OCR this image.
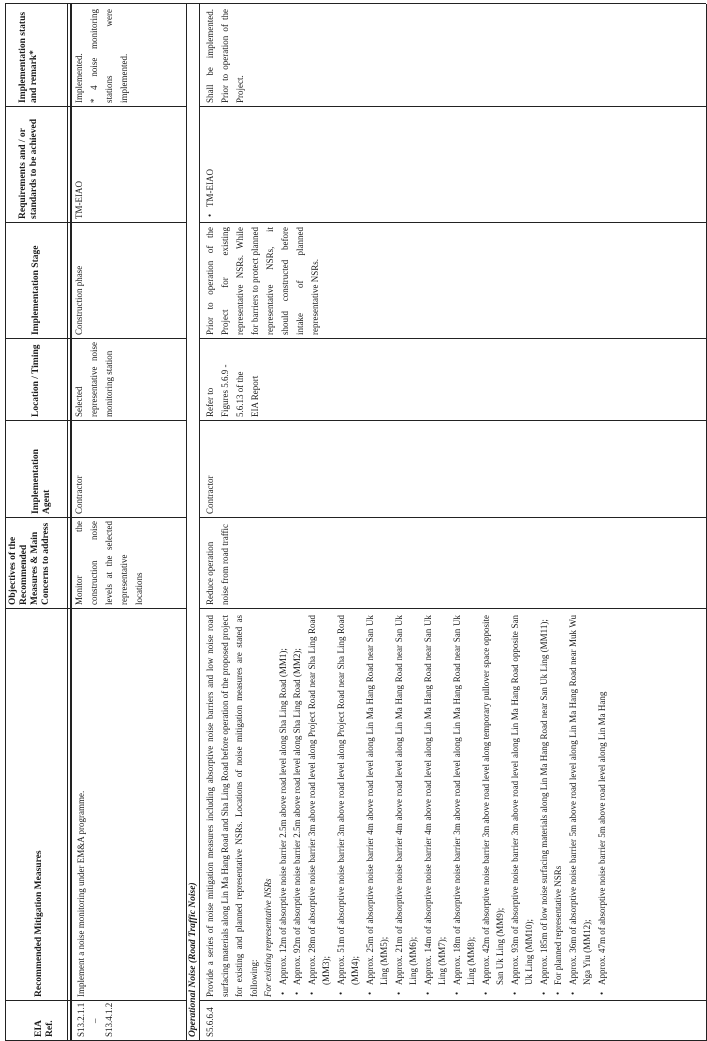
EIA Ref.
Recommended Mitigation Measures
Objectives of the Recommended Measures & Main Concerns to address
Implementation Agent
Location / Timing
Implementation Stage
Requirements and / or standards to be achieved
Implementation status and remark*
S13.2.1.1 – S13.4.1.2
Implement a noise monitoring under EM&A programme.
Monitor the construction noise levels at the selected representative locations
Contractor
Selected representative noise monitoring station
Construction phase
TM-EIAO
Implemented. * 4 noise monitoring stations were implemented.
Operational Noise (Road Traffic Noise) S5.6.6.4
Provide a series of noise mitigation measures including absorptive noise barriers and low noise road surfacing materials along Lin Ma Hang Road and Sha Ling Road before operation of the proposed project for existing and planned representative NSRs. Locations of noise mitigation measures are stated as following: For existing representative NSRs • Approx. 12m of absorptive noise barrier 2.5m above road level along Sha Ling Road (MM1); • Approx. 92m of absorptive noise barrier 2.5m above road level along Sha Ling Road (MM2); • Approx. 28m of absorptive noise barrier 3m above road level along Project Road near Sha Ling Road (MM3); • Approx. 51m of absorptive noise barrier 3m above road level along Project Road near Sha Ling Road (MM4); • Approx. 25m of absorptive noise barrier 4m above road level along Lin Ma Hang Road near San Uk Ling (MM5); • Approx. 21m of absorptive noise barrier 4m above road level along Lin Ma Hang Road near San Uk Ling (MM6); • Approx. 14m of absorptive noise barrier 4m above road level along Lin Ma Hang Road near San Uk Ling (MM7); • Approx. 18m of absorptive noise barrier 3m above road level along Lin Ma Hang Road near San Uk Ling (MM8); • Approx. 42m of absorptive noise barrier 3m above road level along temporary pullover space opposite San Uk Ling (MM9); • Approx. 93m of absorptive noise barrier 3m above road level along Lin Ma Hang Road opposite San Uk Ling (MM10); • Approx. 185m of low noise surfacing materials along Lin Ma Hang Road near San Uk Ling (MM11); • For planned representative NSRs • Approx. 36m of absorptive noise barrier 5m above road level along Lin Ma Hang Road near Muk Wu Nga Yiu (MM12); • Approx. 47m of absorptive noise barrier 5m above road level along Lin Ma Hang
Reduce operation noise from road traffic
Contractor
Refer to Figures 5.6.9 - 5.6.13 of the EIA Report
Prior to operation of the Project for existing representative NSRs. While for barriers to protect planned representative NSRs, it should constructed before intake of planned representative NSRs.
• TM-EIAO
Shall be implemented. Prior to operation of the Project.
